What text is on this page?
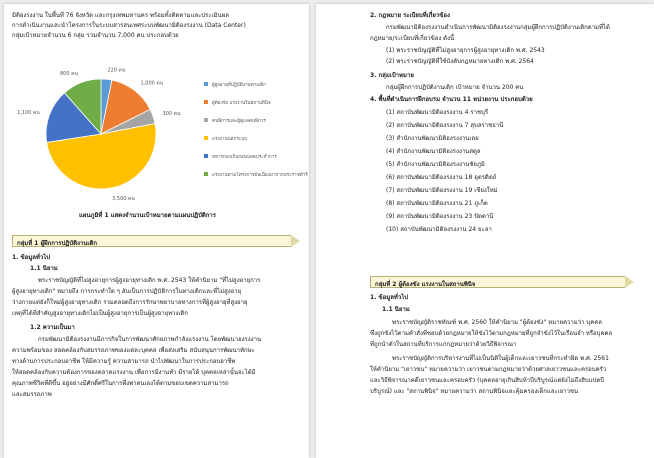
มิติองรงงาน ในพื้นที่ 76 จังหวัด และกรุงเทพมหานคร พร้อมทั้งติดตามและประเมินผล
การดำเนินงานและนำโครงการในระบบสารสนเทศระบบพัฒนามิติองรงงาน (Data Center)
กลุ่มเป้าหมายจำนวน 6 กลุ่ม รวมจำนวน 7,000 คน ประกอบด้วย
220 คน
1,000 คน
300 คน
3,500 คน
1,100 คน
800 คน
ผู้สูงอายุที่ปฏิบัติงานทางเดิก
ผู้ต้องขัง แรงงานในสถานพินิจ
คนพิการและผู้ดูแลคนพิการ
แรงงานนอกระบบ
ทหารกองเกินก่อนปลดประจำการ
แรงงานตามโครงการอันเนื่องมาจากพระราชดำริ
แผนภูมิที่ 1 แสดงจำนวนเป้าหมายตามแผนปฏิบัติการ
กลุ่มที่ 1 ผู้ฝึกการปฏิบัติงานเดิก
1. ข้อมูลทั่วไป
1.1 นิยาม
พระราชบัญญัติที่ไม่สูงอายุการผู้สูงอายุทางเดิก พ.ศ. 2543 ให้คำนิยาม "ที่ไม่สูงอายุการ
ผู้สูงอายุทางเดิก" หมายถึง การกระทำใด ๆ อันเป็นการปฏิบัติการในทางเดิกและที่ไม่สูงอายุ
ว่างกายแต่ยังก็ใหม่ผู้สูงอายุทางเดิก รวมตลอดถึงการรักษาพยาบาลทางการที่ผู้สูงอายุที่สูงอายุ
เหตุที่ได้ที่สำคัญสูงอายุทางเดิกไม่เป็นผู้สูงอายุการเป็นผู้สูงอายุทางเดิก
1.2 ความเป็นมา
กรมพัฒนามิติองรงงานมีภารกิจในการพัฒนาศักยภาพกำลังแรงงาน โดยพัฒนาองรงงาน
ความพร้อมของ สอดคล้องกับสมรรถภาพของแต่ละบุคคล เพื่อส่งเสริม สนับสนุนการพัฒนาทักษะ
ทางด้านการประกอบอาชีพ ให้มีความรู้ ความสามารถ นำไปพัฒนาในการประกอบอาชีพ
ให้สอดคล้องกับความต้องการของตลาดแรงงาน เพื่อการมีงานทำ มีรายได้ บุคคลเหล่านั้นจะได้มี
คุณภาพชีวิตที่ดีขึ้น อยู่อย่างมีศักดิ์ศรีในการพึ่งพาตนเองได้ตามขอบเขตความสามารถ
และสมรรถภาพ
2. กฎหมาย ระเบียบที่เกี่ยวข้อง
กรมพัฒนามิติองรงงานดำเนินการพัฒนามิติองรงงานกลุ่มผู้ฝึกการปฏิบัติงานเดิกตามที่ได้
กฎหมาย/ระเบียบที่เกี่ยวข้อง ดังนี้
(1) พระราชบัญญัติที่ไม่สูงอายุการผู้สูงอายุทางเดิก พ.ศ. 2543
(2) พระราชบัญญัติที่ใช้บังคับกฎหมายทางเดิก พ.ศ. 2564
3. กลุ่มเป้าหมาย
กลุ่มผู้ฝึกการปฏิบัติงานเดิก เป้าหมาย จำนวน 200 คน
4. พื้นที่ดำเนินการฝึกอบรม จำนวน 11 หน่วยงาน ประกอบด้วย
(1) สถาบันพัฒนามิติองรงงาน 4 ราชบุรี
(2) สถาบันพัฒนามิติองรงงาน 7 สุบลราชธานี
(3) สำนักงานพัฒนามิติองรงงานเลย
(4) สำนักงานพัฒนามิติองรงงานสตูล
(5) สำนักงานพัฒนามิติองรงงานชัยภูมิ
(6) สถาบันพัฒนามิติองรงงาน 18 อุตรดิตถ์
(7) สถาบันพัฒนามิติองรงงาน 19 เชียงใหม่
(8) สถาบันพัฒนามิติองรงงาน 21 ภูเก็ต
(9) สถาบันพัฒนามิติองรงงาน 23 ปัตตานี
(10) สถาบันพัฒนามิติองรงงาน 24 ยะลา
กลุ่มที่ 2 ผู้ต้องขัง แรงงานในสถานพินิจ
1. ข้อมูลทั่วไป
1.1 นิยาม
พระราชบัญญัติราชทัณฑ์ พ.ศ. 2560 ให้คำนิยาม "ผู้ต้องขัง" หมายความว่า บุคคล
ซึ่งถูกขังไว้ตามคำสั่งที่ชอบด้วยกฎหมายให้ขังไว้ตามกฎหมายที่ถูกจำขังไว้ในเรือนจำ หรือบุคคล
ที่ถูกนำตัวในสถานที่บริการแก่กฎหมายว่าด้วยวิธีพิจารณา
พระราชบัญญัติการบริหารงานที่ไม่เป็นนิติในผู้เด็กและเยาวชนที่กระทำผิด พ.ศ. 2561
ให้คำนิยาม "เยาวชน" หมายความว่า เยาวชนตามกฎหมายว่าด้วยศาลเยาวชนและครอบครัว
และวิธีพิจารณาคดีเยาวชนและครอบครัว (บุคคลอายุเกินสิบห้าปีบริบูรณ์แต่ยังไม่ถึงสิบแปดปี
บริบูรณ์) และ "สถานพินิจ" หมายความว่า สถานพินิจและคุ้มครองเด็กและเยาวชน
